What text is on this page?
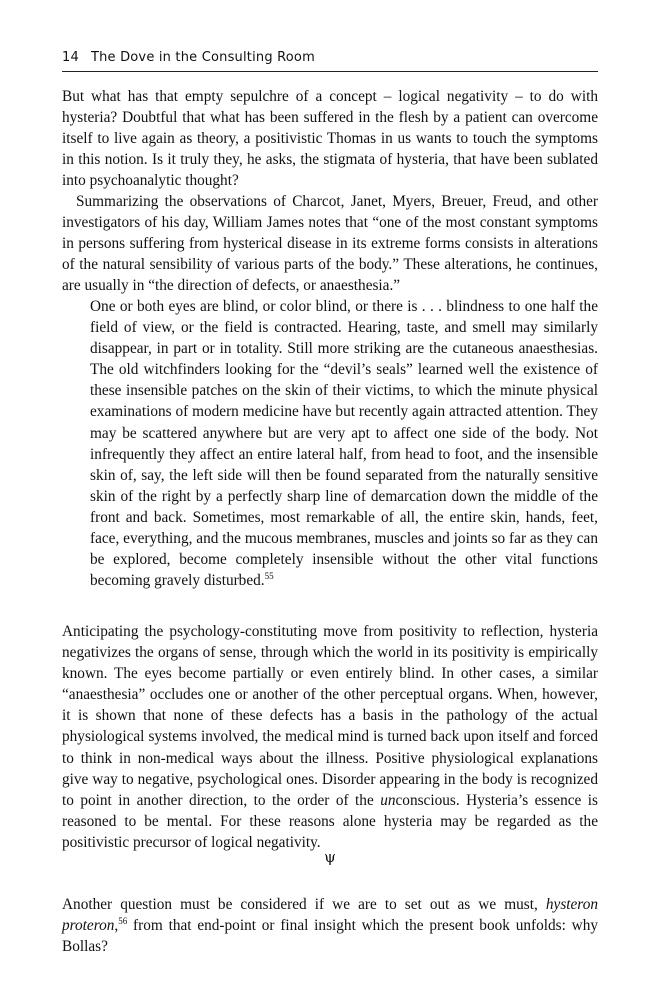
14 The Dove in the Consulting Room

But what has that empty sepulchre of a concept – logical negativity – to do with hysteria? Doubtful that what has been suffered in the flesh by a patient can overcome itself to live again as theory, a positivistic Thomas in us wants to touch the symptoms in this notion. Is it truly they, he asks, the stigmata of hysteria, that have been sublated into psychoanalytic thought?

Summarizing the observations of Charcot, Janet, Myers, Breuer, Freud, and other investigators of his day, William James notes that “one of the most constant symptoms in persons suffering from hysterical disease in its extreme forms consists in alterations of the natural sensibility of various parts of the body.” These alterations, he continues, are usually in “the direction of defects, or anaesthesia.”

One or both eyes are blind, or color blind, or there is . . . blindness to one half the field of view, or the field is contracted. Hearing, taste, and smell may similarly disappear, in part or in totality. Still more striking are the cutaneous anaesthesias. The old witchfinders looking for the “devil’s seals” learned well the existence of these insensible patches on the skin of their victims, to which the minute physical examinations of modern medicine have but recently again attracted attention. They may be scattered anywhere but are very apt to affect one side of the body. Not infrequently they affect an entire lateral half, from head to foot, and the insensible skin of, say, the left side will then be found separated from the naturally sensitive skin of the right by a perfectly sharp line of demarcation down the middle of the front and back. Sometimes, most remarkable of all, the entire skin, hands, feet, face, everything, and the mucous membranes, muscles and joints so far as they can be explored, become completely insensible without the other vital functions becoming gravely disturbed.$^{55}$

Anticipating the psychology-constituting move from positivity to reflection, hysteria negativizes the organs of sense, through which the world in its positivity is empirically known. The eyes become partially or even entirely blind. In other cases, a similar “anaesthesia” occludes one or another of the other perceptual organs. When, however, it is shown that none of these defects has a basis in the pathology of the actual physiological systems involved, the medical mind is turned back upon itself and forced to think in non-medical ways about the illness. Positive physiological explanations give way to negative, psychological ones. Disorder appearing in the body is recognized to point in another direction, to the order of the unconscious. Hysteria’s essence is reasoned to be mental. For these reasons alone hysteria may be regarded as the positivistic precursor of logical negativity.

ψ

Another question must be considered if we are to set out as we must, hysteron proteron,$^{56}$ from that end-point or final insight which the present book unfolds: why Bollas?
